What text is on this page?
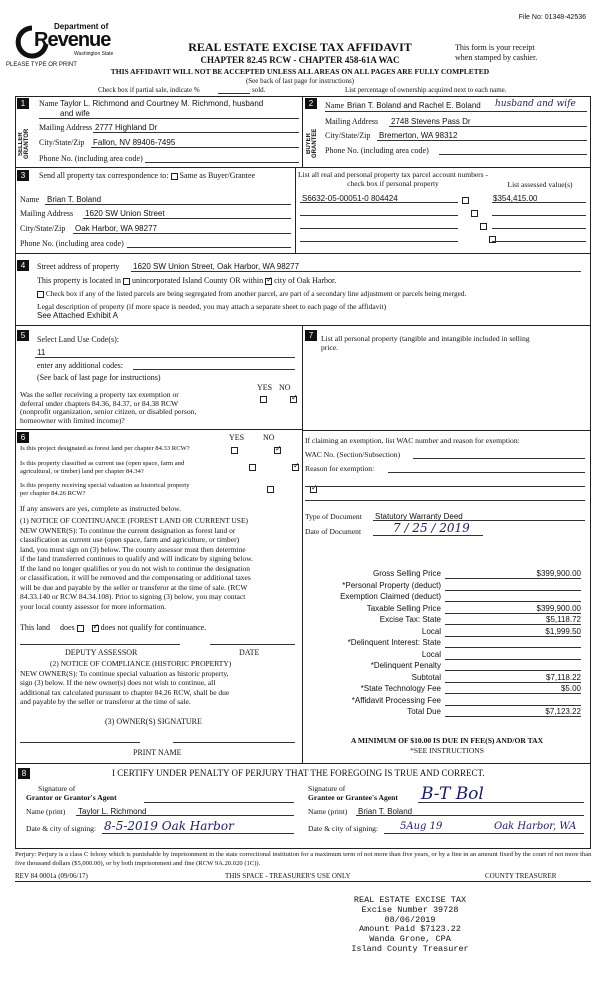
File No: 01348-42536
Department of
Revenue
Washington State
PLEASE TYPE OR PRINT
REAL ESTATE EXCISE TAX AFFIDAVIT
CHAPTER 82.45 RCW - CHAPTER 458-61A WAC
This form is your receipt
when stamped by cashier.
THIS AFFIDAVIT WILL NOT BE ACCEPTED UNLESS ALL AREAS ON ALL PAGES ARE FULLY COMPLETED
(See back of last page for instructions)
Check box if partial sale, indicate %	sold.	List percentage of ownership acquired next to each name.
1
SELLER GRANTOR
Name Taylor L. Richmond and Courtney M. Richmond, husband
and wife
Mailing Address 2777 Highland Dr
City/State/Zip Fallon, NV 89406-7495
Phone No. (including area code)
2
BUYER GRANTEE
Name Brian T. Boland and Rachel E. Boland husband and wife
Mailing Address 2748 Stevens Pass Dr
City/State/Zip Bremerton, WA 98312
Phone No. (including area code)
3	Send all property tax correspondence to: Same as Buyer/Grantee
Name Brian T. Boland
Mailing Address 1620 SW Union Street
City/State/Zip Oak Harbor, WA 98277
Phone No. (including area code)
List all real and personal property tax parcel account numbers - check box if personal property	List assessed value(s)
S6632-05-00051-0 804424	$354,415.00

4	Street address of property 1620 SW Union Street, Oak Harbor, WA 98277
This property is located in unincorporated Island County OR within ✓ city of Oak Harbor.
Check box if any of the listed parcels are being segregated from another parcel, are part of a secondary line adjustment or parcels being merged.
Legal description of property (if more space is needed, you may attach a separate sheet to each page of the affidavit)
See Attached Exhibit A
5	Select Land Use Code(s):
11
enter any additional codes:
(See back of last page for instructions)
YES NO
Was the seller receiving a property tax exemption or
deferral under chapters 84.36, 84.37, or 84.38 RCW
(nonprofit organization, senior citizen, or disabled person,
homeowner with limited income)?
✓
6	YES NO
Is this project designated as forest land per chapter 84.33 RCW?
✓
Is this property classified as current use (open space, farm and
agricultural, or timber) land per chapter 84.34?
✓
Is this property receiving special valuation as historical property
per chapter 84.26 RCW?
✓
If any answers are yes, complete as instructed below.
(1) NOTICE OF CONTINUANCE (FOREST LAND OR CURRENT USE)
NEW OWNER(S): To continue the current designation as forest land or
classification as current use (open space, farm and agriculture, or timber)
land, you must sign on (3) below. The county assessor must then determine
if the land transferred continues to qualify and will indicate by signing below.
If the land no longer qualifies or you do not wish to continue the designation
or classification, it will be removed and the compensating or additional taxes
will be due and payable by the seller or transferor at the time of sale. (RCW
84.33.140 or RCW 84.34.108). Prior to signing (3) below, you may contact
your local county assessor for more information.
This land does ✓	does not qualify for continuance.
DEPUTY ASSESSOR	DATE
(2) NOTICE OF COMPLIANCE (HISTORIC PROPERTY)
NEW OWNER(S): To continue special valuation as historic property,
sign (3) below. If the new owner(s) does not wish to continue, all
additional tax calculated pursuant to chapter 84.26 RCW, shall be due
and payable by the seller or transferor at the time of sale.
(3) OWNER(S) SIGNATURE
PRINT NAME
7	List all personal property (tangible and intangible included in selling
price.
If claiming an exemption, list WAC number and reason for exemption:
WAC No. (Section/Subsection)
Reason for exemption:
Type of Document Statutory Warranty Deed
Date of Document	7 / 25 / 2019
Gross Selling Price	$399,900.00
*Personal Property (deduct)
Exemption Claimed (deduct)
Taxable Selling Price	$399,900.00
Excise Tax: State	$5,118.72
Local	$1,999.50
*Delinquent Interest: State
Local
*Delinquent Penalty
Subtotal	$7,118.22
*State Technology Fee	$5.00
*Affidavit Processing Fee
Total Due	$7,123.22
A MINIMUM OF $10.00 IS DUE IN FEE(S) AND/OR TAX
*SEE INSTRUCTIONS
8	I CERTIFY UNDER PENALTY OF PERJURY THAT THE FOREGOING IS TRUE AND CORRECT.
Signature of
Grantor or Grantor's Agent
Signature of
Grantee or Grantee's Agent B-T Bol
Name (print) Taylor L. Richmond	Name (print) Brian T. Boland
Date & city of signing: 8-5-2019 Oak Harbor	Date & city of signing: 5Aug 19	Oak Harbor, WA
Perjury: Perjury is a class C felony which is punishable by imprisonment in the state correctional institution for a maximum term of not more than five years, or by a fine in an amount fixed by the court of not more than five thousand dollars ($5,000.00), or by both imprisonment and fine (RCW 9A.20.020 (1C)).
REV 84 0001a (09/06/17)	THIS SPACE - TREASURER'S USE ONLY	COUNTY TREASURER
REAL ESTATE EXCISE TAX
Excise Number 39728
08/06/2019
Amount Paid $7123.22
Wanda Grone, CPA
Island County Treasurer
